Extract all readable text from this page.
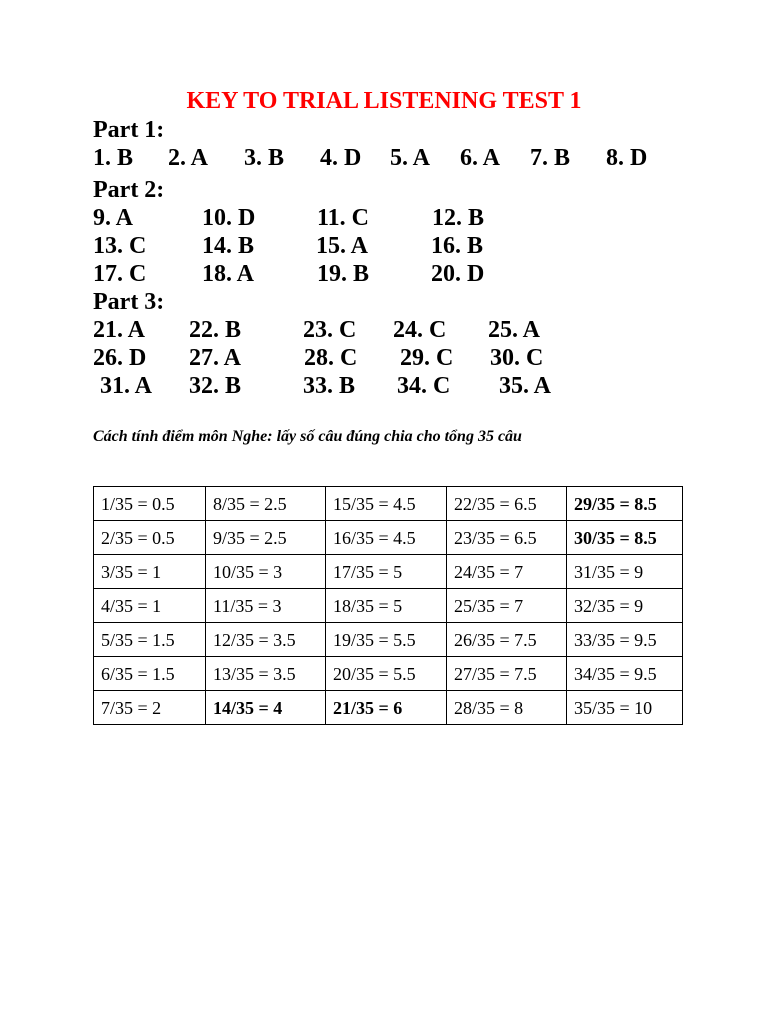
KEY TO TRIAL LISTENING TEST 1
Part 1:
1. B 2. A 3. B 4. D 5. A 6. A 7. B 8. D
Part 2:
9. A	10. D	11. C	12. B
13. C 14. B	15. A	16. B
17. C 18. A	19. B	20. D
Part 3:
21. A 22. B	23. C 24. C 25. A
26. D 27. A	28. C 29. C 30. C
31. A 32. B	33. B 34. C 35. A
Cách tính điểm môn Nghe: lấy số câu đúng chia cho tổng 35 câu
1/35 = 0.5	8/35 = 2.5	15/35 = 4.5	22/35 = 6.5	29/35 = 8.5
2/35 = 0.5	9/35 = 2.5	16/35 = 4.5	23/35 = 6.5	30/35 = 8.5
3/35 = 1	10/35 = 3	17/35 = 5	24/35 = 7	31/35 = 9
4/35 = 1	11/35 = 3	18/35 = 5	25/35 = 7	32/35 = 9
5/35 = 1.5	12/35 = 3.5	19/35 = 5.5	26/35 = 7.5	33/35 = 9.5
6/35 = 1.5	13/35 = 3.5	20/35 = 5.5	27/35 = 7.5	34/35 = 9.5
7/35 = 2	14/35 = 4	21/35 = 6	28/35 = 8	35/35 = 10
